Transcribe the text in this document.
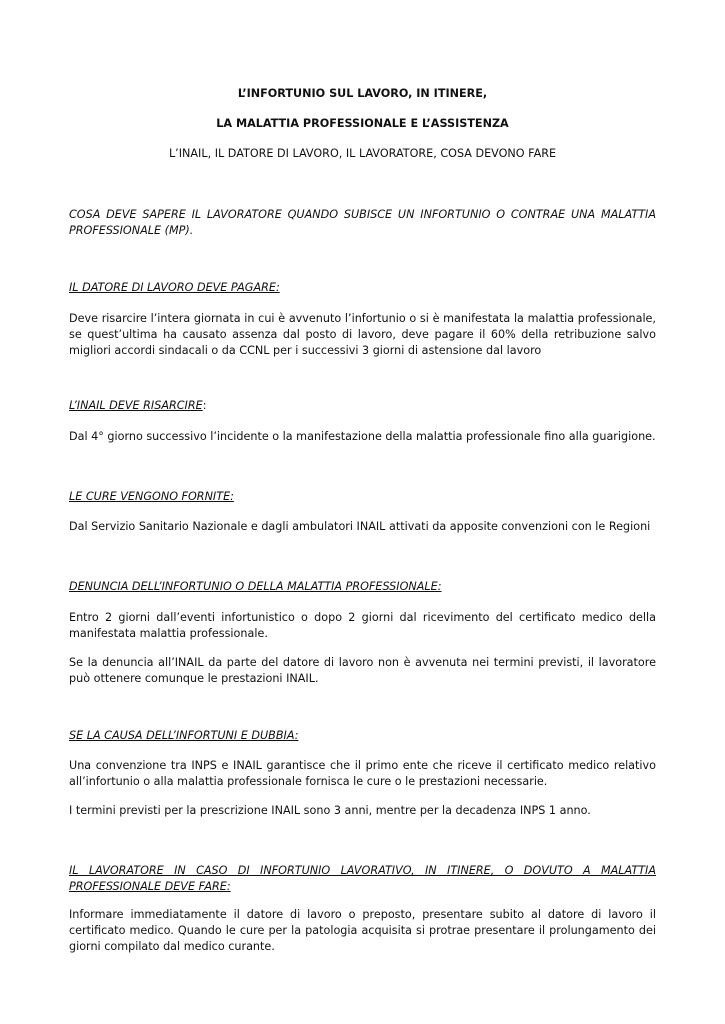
L’INFORTUNIO SUL LAVORO, IN ITINERE,

LA MALATTIA PROFESSIONALE E L’ASSISTENZA

L’INAIL, IL DATORE DI LAVORO, IL LAVORATORE, COSA DEVONO FARE

COSA DEVE SAPERE IL LAVORATORE QUANDO SUBISCE UN INFORTUNIO O CONTRAE UNA MALATTIA PROFESSIONALE (MP).

IL DATORE DI LAVORO DEVE PAGARE:

Deve risarcire l’intera giornata in cui è avvenuto l’infortunio o si è manifestata la malattia professionale, se quest’ultima ha causato assenza dal posto di lavoro, deve pagare il 60% della retribuzione salvo migliori accordi sindacali o da CCNL per i successivi 3 giorni di astensione dal lavoro

L’INAIL DEVE RISARCIRE:

Dal 4° giorno successivo l’incidente o la manifestazione della malattia professionale fino alla guarigione.

LE CURE VENGONO FORNITE:

Dal Servizio Sanitario Nazionale e dagli ambulatori INAIL attivati da apposite convenzioni con le Regioni

DENUNCIA DELL’INFORTUNIO O DELLA MALATTIA PROFESSIONALE:

Entro 2 giorni dall’eventi infortunistico o dopo 2 giorni dal ricevimento del certificato medico della manifestata malattia professionale.

Se la denuncia all’INAIL da parte del datore di lavoro non è avvenuta nei termini previsti, il lavoratore può ottenere comunque le prestazioni INAIL.

SE LA CAUSA DELL’INFORTUNI E DUBBIA:

Una convenzione tra INPS e INAIL garantisce che il primo ente che riceve il certificato medico relativo all’infortunio o alla malattia professionale fornisca le cure o le prestazioni necessarie.

I termini previsti per la prescrizione INAIL sono 3 anni, mentre per la decadenza INPS 1 anno.

IL LAVORATORE IN CASO DI INFORTUNIO LAVORATIVO, IN ITINERE, O DOVUTO A MALATTIA PROFESSIONALE DEVE FARE:

Informare immediatamente il datore di lavoro o preposto, presentare subito al datore di lavoro il certificato medico. Quando le cure per la patologia acquisita si protrae presentare il prolungamento dei giorni compilato dal medico curante.
